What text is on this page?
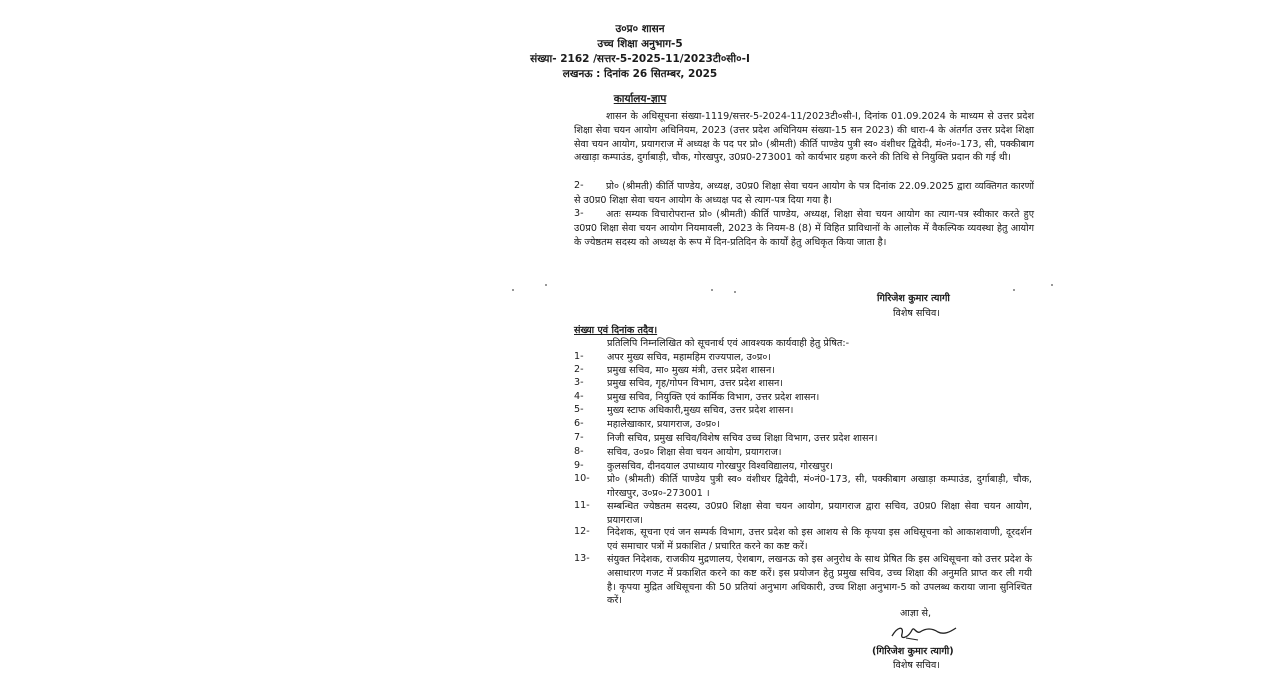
उ०प्र० शासन
उच्च शिक्षा अनुभाग-5
संख्या- 2162 /सत्तर-5-2025-11/2023टी०सी०-I
लखनऊ : दिनांक 26 सितम्बर, 2025
कार्यालय-ज्ञाप
शासन के अधिसूचना संख्या-1119/सत्तर-5-2024-11/2023टी०सी-I, दिनांक 01.09.2024 के माध्यम से उत्तर प्रदेश शिक्षा सेवा चयन आयोग अधिनियम, 2023 (उत्तर प्रदेश अधिनियम संख्या-15 सन 2023) की धारा-4 के अंतर्गत उत्तर प्रदेश शिक्षा सेवा चयन आयोग, प्रयागराज में अध्यक्ष के पद पर प्रो० (श्रीमती) कीर्ति पाण्डेय पुत्री स्व० वंशीधर द्विवेदी, मं०नं०-173, सी, पक्कीबाग अखाड़ा कम्पाउंड, दुर्गाबाड़ी, चौक, गोरखपुर, उ0प्र0-273001 को कार्यभार ग्रहण करने की तिथि से नियुक्ति प्रदान की गई थी।
2-	प्रो० (श्रीमती) कीर्ति पाण्डेय, अध्यक्ष, उ0प्र0 शिक्षा सेवा चयन आयोग के पत्र दिनांक 22.09.2025 द्वारा व्यक्तिगत कारणों से उ0प्र0 शिक्षा सेवा चयन आयोग के अध्यक्ष पद से त्याग-पत्र दिया गया है।
3-	अतः सम्यक विचारोपरान्त प्रो० (श्रीमती) कीर्ति पाण्डेय, अध्यक्ष, शिक्षा सेवा चयन आयोग का त्याग-पत्र स्वीकार करते हुए उ0प्र0 शिक्षा सेवा चयन आयोग नियमावली, 2023 के नियम-8 (8) में विहित प्राविधानों के आलोक में वैकल्पिक व्यवस्था हेतु आयोग के ज्येष्ठतम सदस्य को अध्यक्ष के रूप में दिन-प्रतिदिन के कार्यों हेतु अधिकृत किया जाता है।
गिरिजेश कुमार त्यागी
विशेष सचिव।
संख्या एवं दिनांक तदैव।
प्रतिलिपि निम्नलिखित को सूचनार्थ एवं आवश्यक कार्यवाही हेतु प्रेषित:-
1- अपर मुख्य सचिव, महामहिम राज्यपाल, उ०प्र०।
2- प्रमुख सचिव, मा० मुख्य मंत्री, उत्तर प्रदेश शासन।
3- प्रमुख सचिव, गृह/गोपन विभाग, उत्तर प्रदेश शासन।
4- प्रमुख सचिव, नियुक्ति एवं कार्मिक विभाग, उत्तर प्रदेश शासन।
5- मुख्य स्टाफ अधिकारी,मुख्य सचिव, उत्तर प्रदेश शासन।
6- महालेखाकार, प्रयागराज, उ०प्र०।
7- निजी सचिव, प्रमुख सचिव/विशेष सचिव उच्च शिक्षा विभाग, उत्तर प्रदेश शासन।
8- सचिव, उ०प्र० शिक्षा सेवा चयन आयोग, प्रयागराज।
9- कुलसचिव, दीनदयाल उपाध्याय गोरखपुर विश्वविद्यालय, गोरखपुर।
10- प्रो० (श्रीमती) कीर्ति पाण्डेय पुत्री स्व० वंशीधर द्विवेदी, मं०नं0-173, सी, पक्कीबाग अखाड़ा कम्पाउंड, दुर्गाबाड़ी, चौक, गोरखपुर, उ०प्र०-273001 ।
11- सम्बन्धित ज्येष्ठतम सदस्य, उ0प्र0 शिक्षा सेवा चयन आयोग, प्रयागराज द्वारा सचिव, उ0प्र0 शिक्षा सेवा चयन आयोग, प्रयागराज।
12- निदेशक, सूचना एवं जन सम्पर्क विभाग, उत्तर प्रदेश को इस आशय से कि कृपया इस अधिसूचना को आकाशवाणी, दूरदर्शन एवं समाचार पत्रों में प्रकाशित / प्रचारित करने का कष्ट करें।
13- संयुक्त निदेशक, राजकीय मुद्रणालय, ऐशबाग, लखनऊ को इस अनुरोध के साथ प्रेषित कि इस अधिसूचना को उत्तर प्रदेश के असाधारण गजट में प्रकाशित करने का कष्ट करें। इस प्रयोजन हेतु प्रमुख सचिव, उच्च शिक्षा की अनुमति प्राप्त कर ली गयी है। कृपया मुद्रित अधिसूचना की 50 प्रतियां अनुभाग अधिकारी, उच्च शिक्षा अनुभाग-5 को उपलब्ध कराया जाना सुनिश्चित करें।
आज्ञा से,
(गिरिजेश कुमार त्यागी)
विशेष सचिव।
